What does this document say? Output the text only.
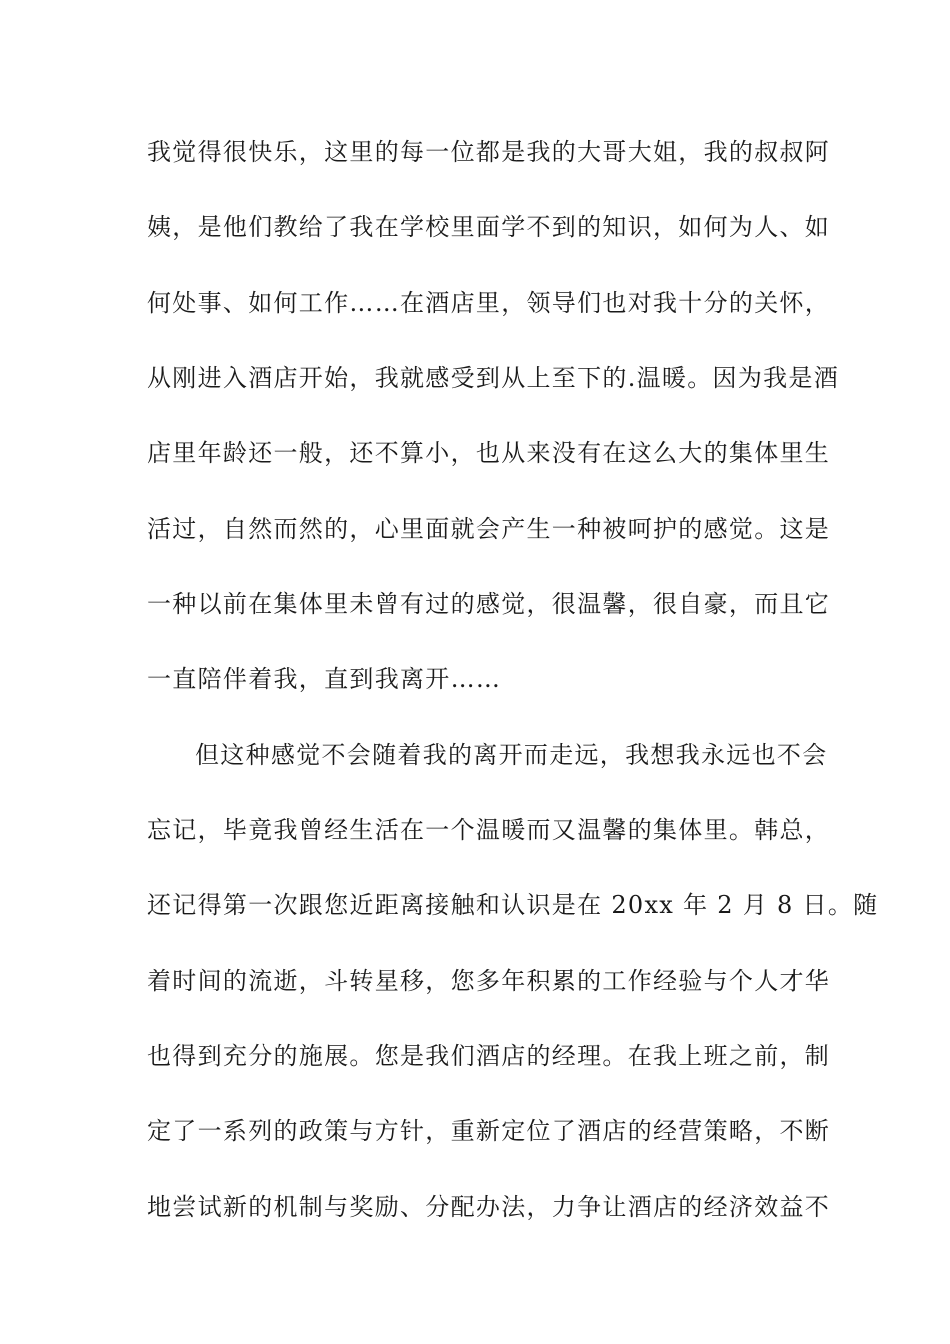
我觉得很快乐，这里的每一位都是我的大哥大姐，我的叔叔阿
姨，是他们教给了我在学校里面学不到的知识，如何为人、如
何处事、如何工作……在酒店里，领导们也对我十分的关怀，
从刚进入酒店开始，我就感受到从上至下的.温暖。因为我是酒
店里年龄还一般，还不算小，也从来没有在这么大的集体里生
活过，自然而然的，心里面就会产生一种被呵护的感觉。这是
一种以前在集体里未曾有过的感觉，很温馨，很自豪，而且它
一直陪伴着我，直到我离开……
但这种感觉不会随着我的离开而走远，我想我永远也不会
忘记，毕竟我曾经生活在一个温暖而又温馨的集体里。韩总，
还记得第一次跟您近距离接触和认识是在 20xx 年 2 月 8 日。随
着时间的流逝，斗转星移，您多年积累的工作经验与个人才华
也得到充分的施展。您是我们酒店的经理。在我上班之前，制
定了一系列的政策与方针，重新定位了酒店的经营策略，不断
地尝试新的机制与奖励、分配办法，力争让酒店的经济效益不
